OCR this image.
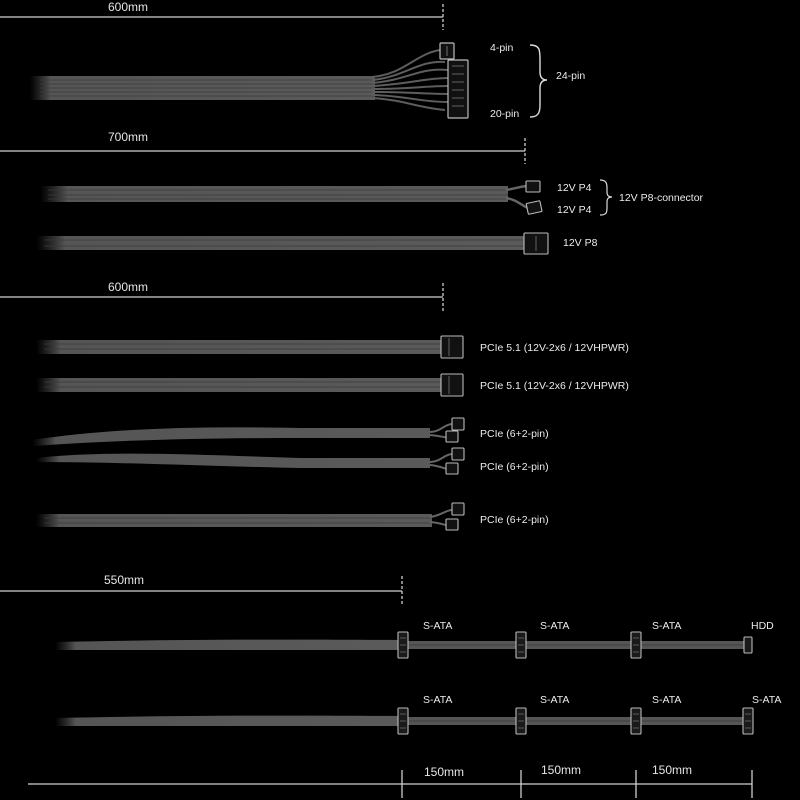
600mm
700mm
600mm
550mm
150mm	150mm	150mm
4-pin
20-pin
24-pin
12V P4
12V P4
12V P8-connector
12V P8
PCIe 5.1 (12V-2x6 / 12VHPWR)
PCIe 5.1 (12V-2x6 / 12VHPWR)
PCIe (6+2-pin)
PCIe (6+2-pin)
PCIe (6+2-pin)
S-ATA	S-ATA	S-ATA	HDD
S-ATA	S-ATA	S-ATA	S-ATA
